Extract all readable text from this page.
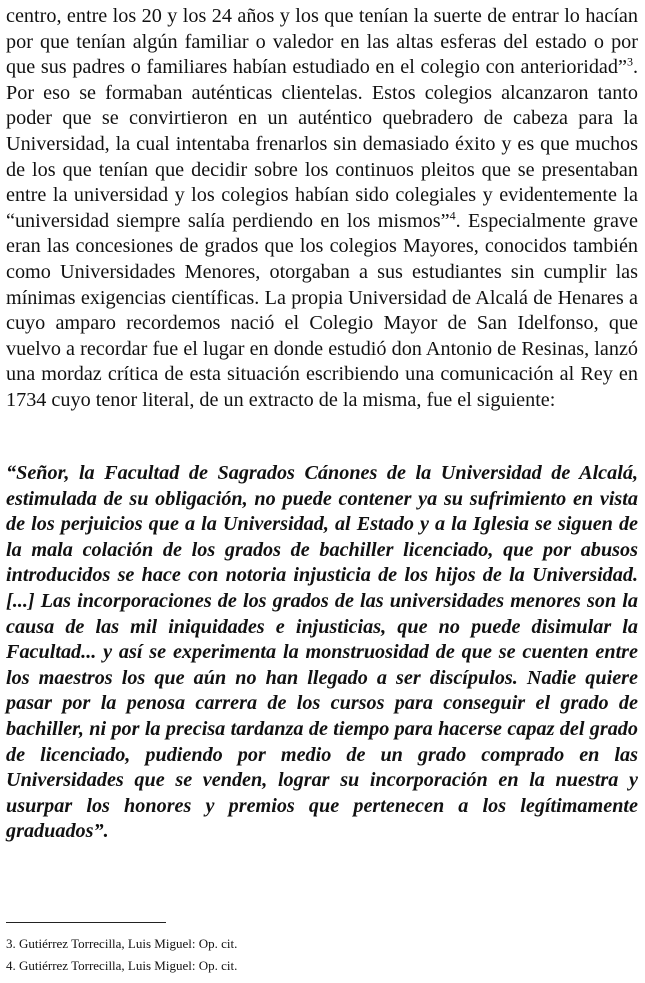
centro, entre los 20 y los 24 años y los que tenían la suerte de entrar lo hacían por que tenían algún familiar o valedor en las altas esferas del estado o por que sus padres o familiares habían estudiado en el colegio con anterioridad”$^3$. Por eso se formaban auténticas clientelas. Estos colegios alcanzaron tanto poder que se convirtieron en un auténtico quebradero de cabeza para la Universidad, la cual intentaba frenarlos sin demasiado éxito y es que muchos de los que tenían que decidir sobre los continuos pleitos que se presentaban entre la universidad y los colegios habían sido colegiales y evidentemente la “universidad siempre salía perdiendo en los mismos”$^4$. Especialmente grave eran las concesiones de grados que los colegios Mayores, conocidos también como Universidades Menores, otorgaban a sus estudiantes sin cumplir las mínimas exigencias científicas. La propia Universidad de Alcalá de Henares a cuyo amparo recordemos nació el Colegio Mayor de San Idelfonso, que vuelvo a recordar fue el lugar en donde estudió don Antonio de Resinas, lanzó una mordaz crítica de esta situación escribiendo una comunicación al Rey en 1734 cuyo tenor literal, de un extracto de la misma, fue el siguiente:

“Señor, la Facultad de Sagrados Cánones de la Universidad de Alcalá, estimulada de su obligación, no puede contener ya su sufrimiento en vista de los perjuicios que a la Universidad, al Estado y a la Iglesia se siguen de la mala colación de los grados de bachiller licenciado, que por abusos introducidos se hace con notoria injusticia de los hijos de la Universidad. [...] Las incorporaciones de los grados de las universidades menores son la causa de las mil iniquidades e injusticias, que no puede disimular la Facultad... y así se experimenta la monstruosidad de que se cuenten entre los maestros los que aún no han llegado a ser discípulos. Nadie quiere pasar por la penosa carrera de los cursos para conseguir el grado de bachiller, ni por la precisa tardanza de tiempo para hacerse capaz del grado de licenciado, pudiendo por medio de un grado comprado en las Universidades que se venden, lograr su incorporación en la nuestra y usurpar los honores y premios que pertenecen a los legítimamente graduados”.

3. Gutiérrez Torrecilla, Luis Miguel: Op. cit.
4. Gutiérrez Torrecilla, Luis Miguel: Op. cit.
